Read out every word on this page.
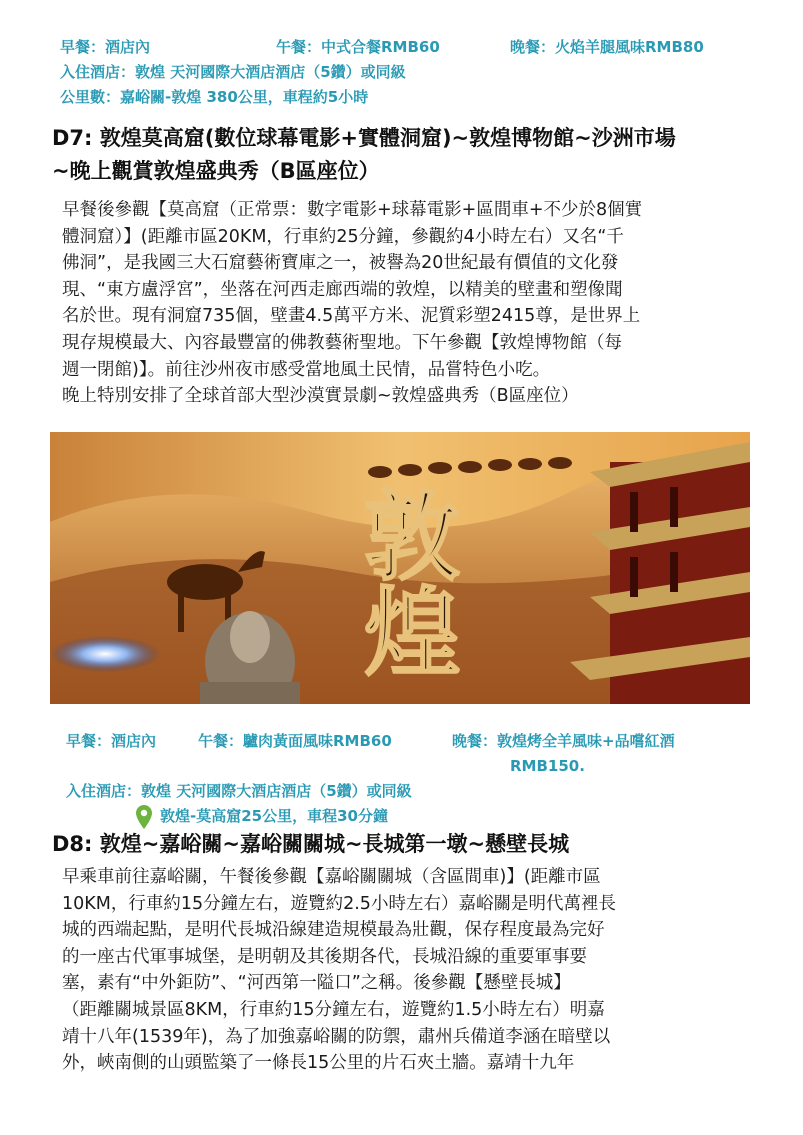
早餐：酒店內	午餐：中式合餐RMB60	晚餐：火焰羊腿風味RMB80
入住酒店：敦煌 天河國際大酒店酒店（5鑽）或同級
公里數：嘉峪關-敦煌 380公里，車程約5小時
D7: 敦煌莫高窟(數位球幕電影+實體洞窟)~敦煌博物館~沙洲市場
~晚上觀賞敦煌盛典秀（B區座位）

早餐後參觀【莫高窟（正常票：數字電影+球幕電影+區間車+不少於8個實

體洞窟）】(距離市區20KM，行車約25分鐘，參觀約4小時左右）又名“千

佛洞”，是我國三大石窟藝術寶庫之一，被譽為20世紀最有價值的文化發

現、“東方盧浮宮”，坐落在河西走廊西端的敦煌，以精美的壁畫和塑像聞

名於世。現有洞窟735個，壁畫4.5萬平方米、泥質彩塑2415尊，是世界上

現存規模最大、內容最豐富的佛教藝術聖地。下午參觀【敦煌博物館（每

週一閉館)】。前往沙州夜市感受當地風土民情，品嘗特色小吃。

晚上特別安排了全球首部大型沙漠實景劇~敦煌盛典秀（B區座位）

敦煌
早餐：酒店內	午餐：驢肉黃面風味RMB60	晚餐：敦煌烤全羊風味+品嚐紅酒
RMB150.
入住酒店：敦煌 天河國際大酒店酒店（5鑽）或同級
敦煌-莫高窟25公里，車程30分鐘
D8: 敦煌~嘉峪關~嘉峪關關城~長城第一墩~懸壁長城

早乘車前往嘉峪關，午餐後參觀【嘉峪關關城（含區間車)】(距離市區

10KM，行車約15分鐘左右，遊覽約2.5小時左右）嘉峪關是明代萬裡長

城的西端起點，是明代長城沿線建造規模最為壯觀，保存程度最為完好

的一座古代軍事城堡，是明朝及其後期各代，長城沿線的重要軍事要

塞，素有“中外鉅防”、“河西第一隘口”之稱。後參觀【懸壁長城】

（距離關城景區8KM，行車約15分鐘左右，遊覽約1.5小時左右）明嘉

靖十八年(1539年)，為了加強嘉峪關的防禦，肅州兵備道李涵在暗壁以

外，峽南側的山頭監築了一條長15公里的片石夾土牆。嘉靖十九年
